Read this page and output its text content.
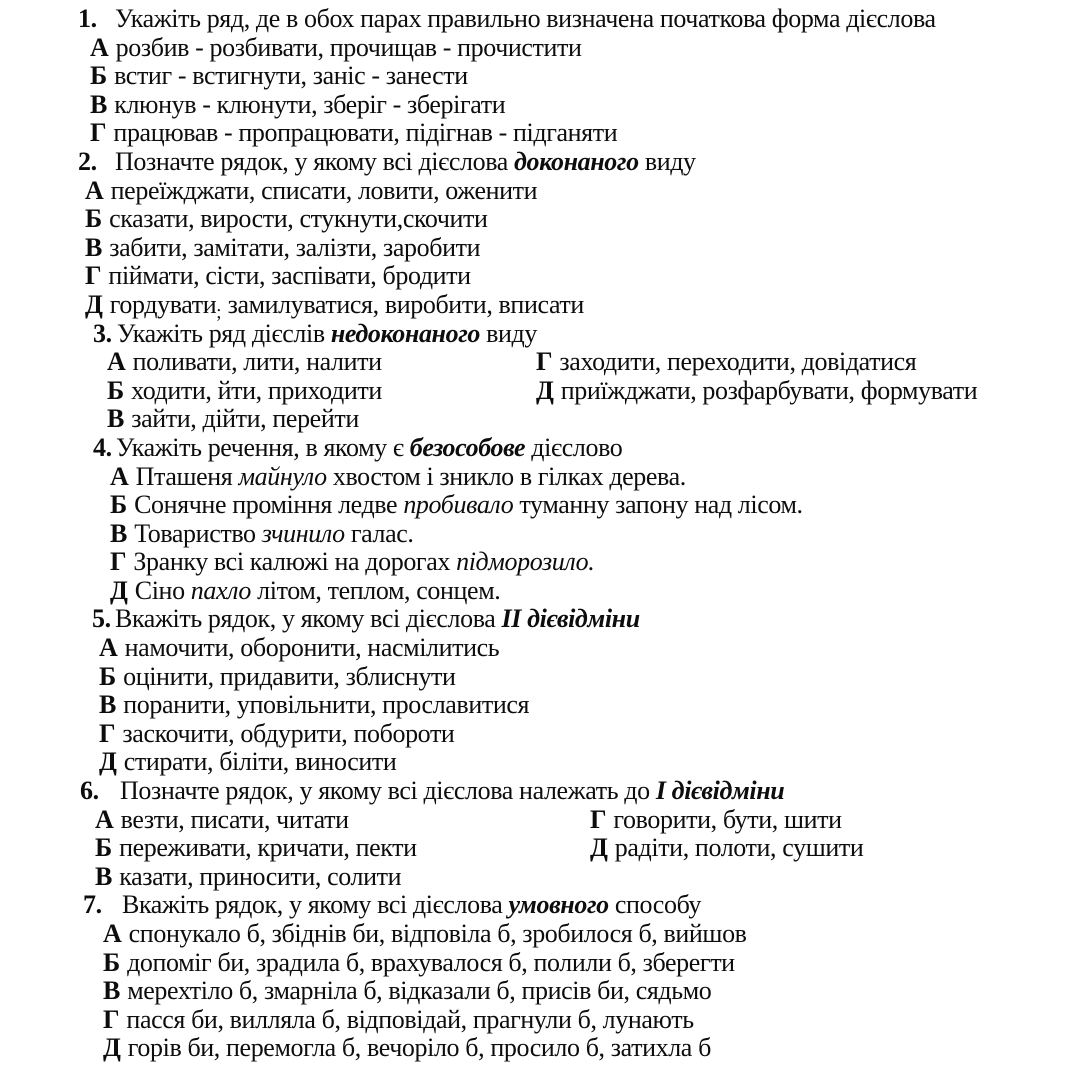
1. Укажіть ряд, де в обох парах правильно визначена початкова форма дієслова
А розбив - розбивати, прочищав - прочистити
Б встиг - встигнути, заніс - занести
В клюнув - клюнути, зберіг - зберігати
Г працював - пропрацювати, підігнав - підганяти
2. Позначте рядок, у якому всі дієслова доконаного виду
А переїжджати, списати, ловити, оженити
Б сказати, вирости, стукнути,скочити
В забити, замітати, залізти, заробити
Г піймати, сісти, заспівати, бродити
Д гордувати$_;$ замилуватися, виробити, вписати
3. Укажіть ряд дієслів недоконаного виду
А поливати, лити, налити	Г заходити, переходити, довідатися
Б ходити, йти, приходити	Д приїжджати, розфарбувати, формувати
В зайти, дійти, перейти
4. Укажіть речення, в якому є безособове дієслово
А Пташеня майнуло хвостом і зникло в гілках дерева.
Б Сонячне проміння ледве пробивало туманну запону над лісом.
В Товариство зчинило галас.
Г Зранку всі калюжі на дорогах підморозило.
Д Сіно пахло літом, теплом, сонцем.
5. Вкажіть рядок, у якому всі дієслова ІІ дієвідміни
А намочити, оборонити, насмілитись
Б оцінити, придавити, зблиснути
В поранити, уповільнити, прославитися
Г заскочити, обдурити, побороти
Д стирати, біліти, виносити
6. Позначте рядок, у якому всі дієслова належать до І дієвідміни
А везти, писати, читати	Г говорити, бути, шити
Б переживати, кричати, пекти	Д радіти, полоти, сушити
В казати, приносити, солити
7. Вкажіть рядок, у якому всі дієслова умовного способу
А спонукало б, збіднів би, відповіла б, зробилося б, вийшов
Б допоміг би, зрадила б, врахувалося б, полили б, зберегти
В мерехтіло б, змарніла б, відказали б, присів би, сядьмо
Г пасся би, вилляла б, відповідай, прагнули б, лунають
Д горів би, перемогла б, вечоріло б, просило б, затихла б
